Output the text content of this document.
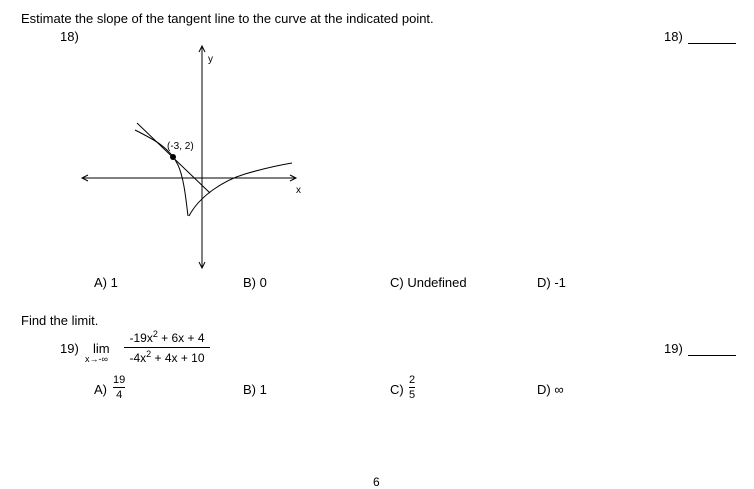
Estimate the slope of the tangent line to the curve at the indicated point.
18)	18)
y
x
(-3, 2)
A) 1	B) 0	C) Undefined	D) -1
Find the limit.
19) lim
x→-∞
$-19x^2 + 6x + 4$
$-4x^2 + 4x + 10$
19)
A)
19
4	B) 1	C)
2
5	D) ∞
6
